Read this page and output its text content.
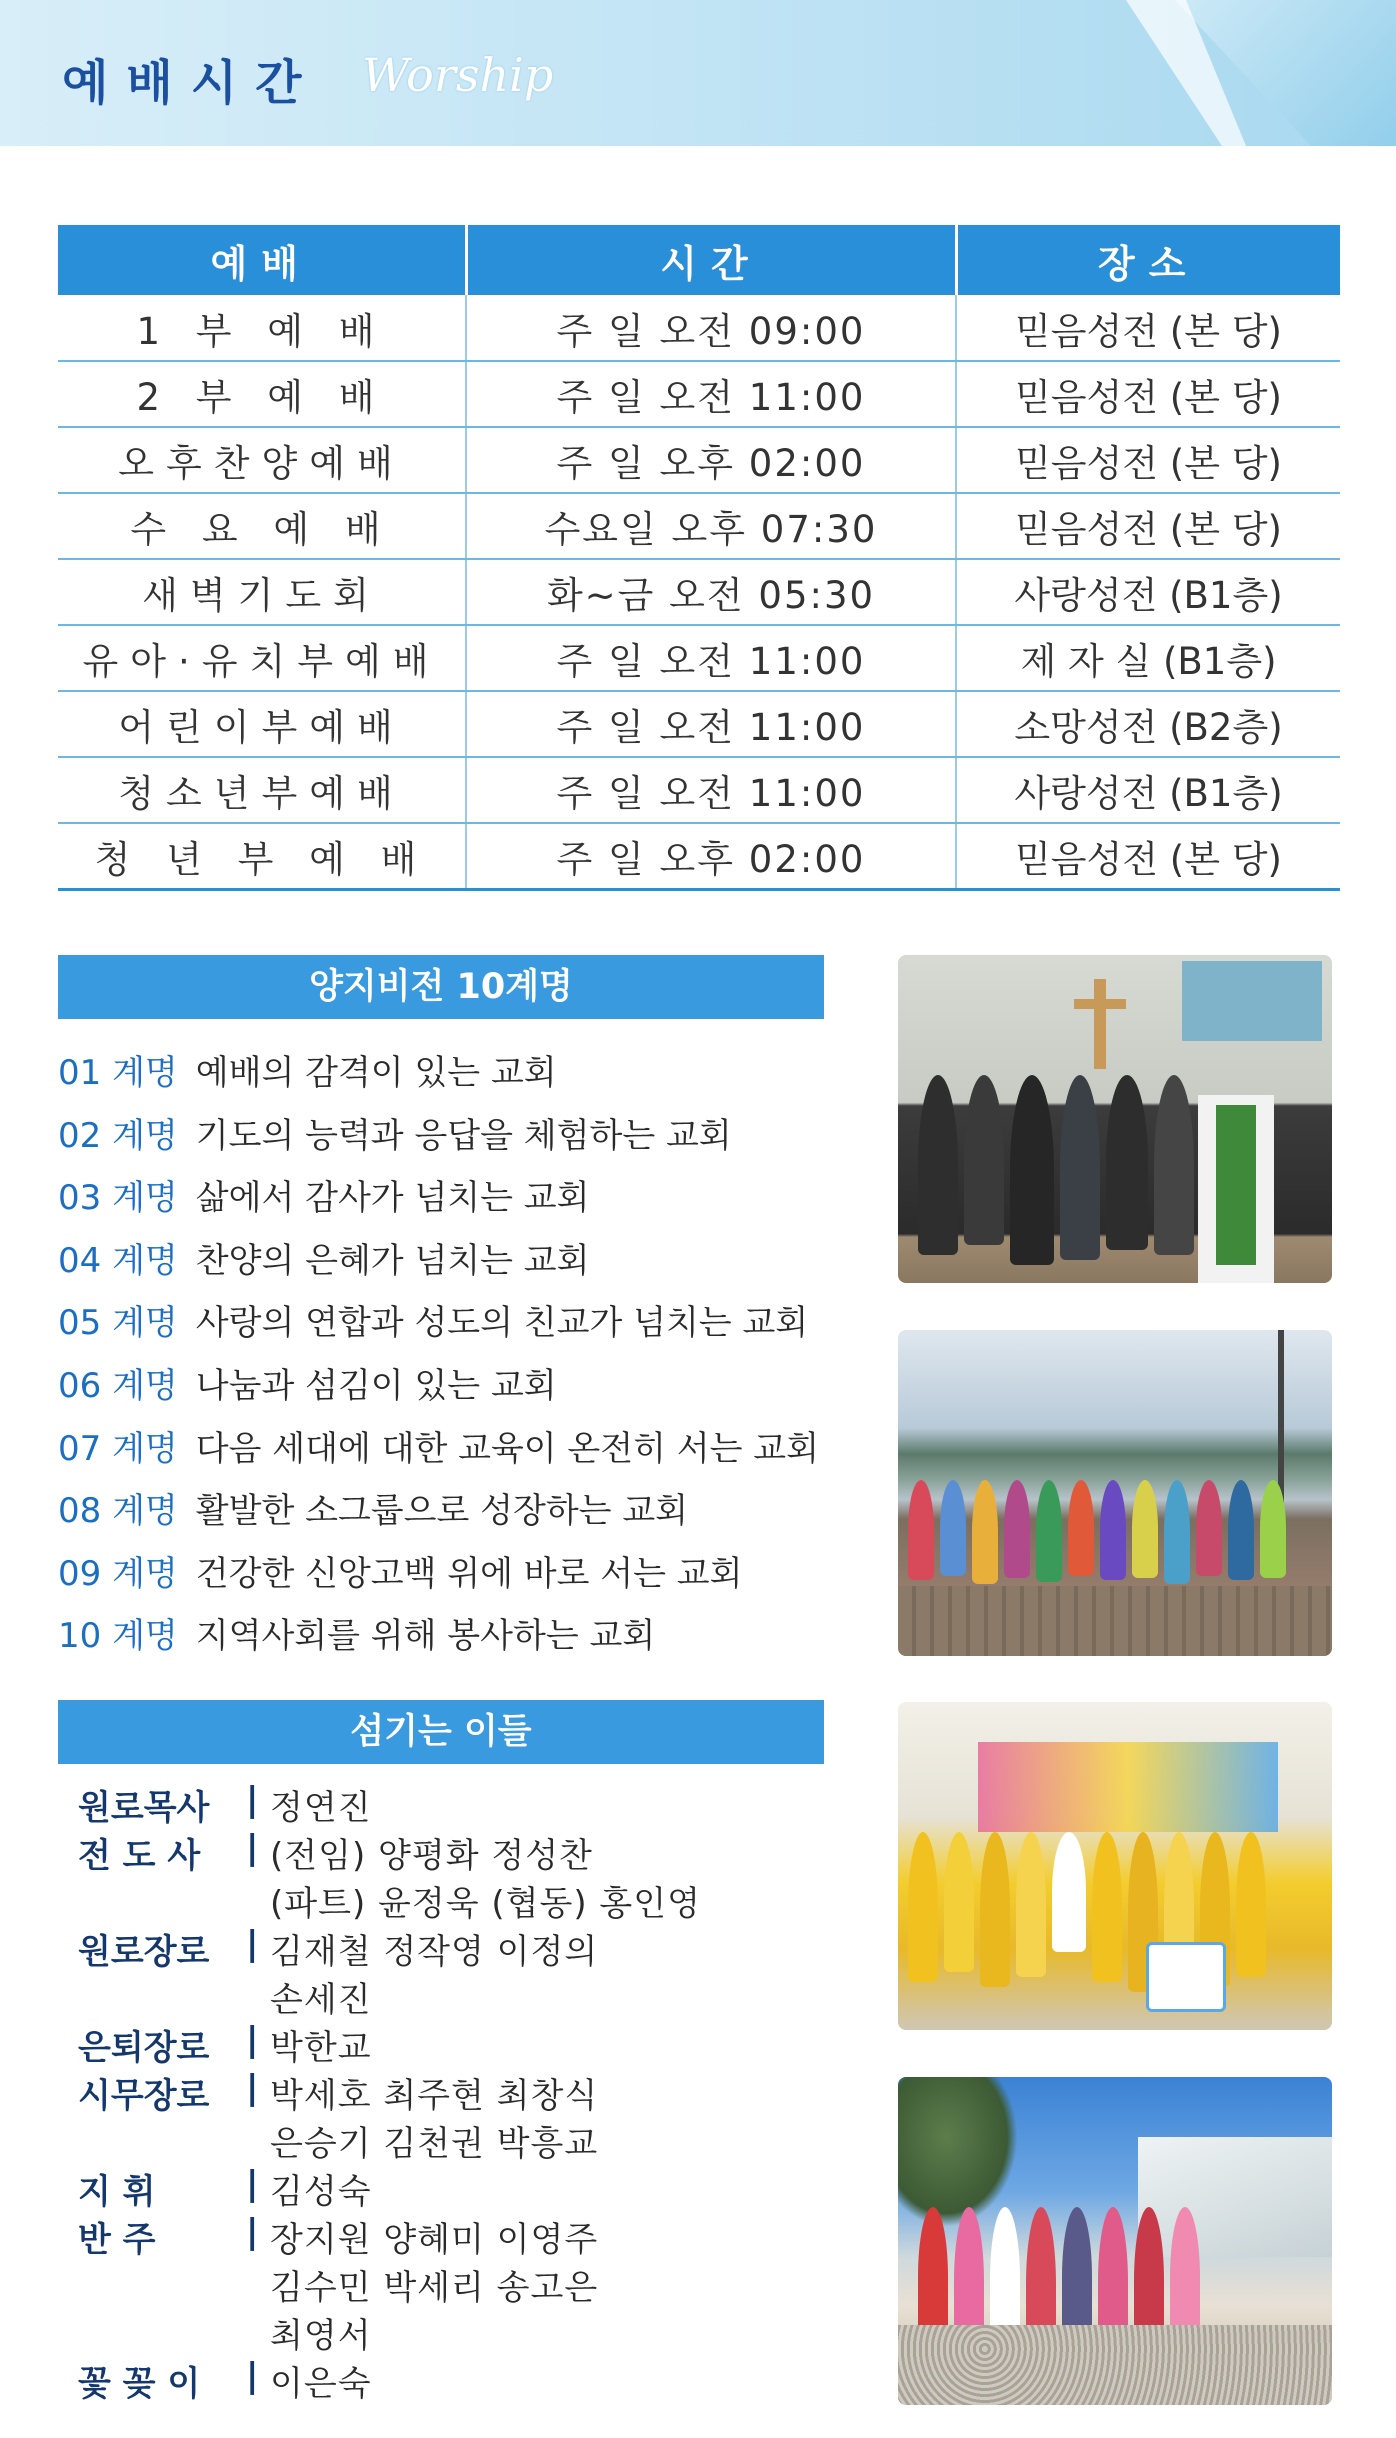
예배시간 Worship
예배	시간	장소
1 부 예 배	주 일 오전 09:00	믿음성전 (본 당)
2 부 예 배	주 일 오전 11:00	믿음성전 (본 당)
오후찬양예배	주 일 오후 02:00	믿음성전 (본 당)
수 요 예 배	수요일 오후 07:30	믿음성전 (본 당)
새벽기도회	화~금 오전 05:30	사랑성전 (B1층)
유아·유치부예배	주 일 오전 11:00	제 자 실 (B1층)
어린이부예배	주 일 오전 11:00	소망성전 (B2층)
청소년부예배	주 일 오전 11:00	사랑성전 (B1층)
청 년 부 예 배	주 일 오후 02:00	믿음성전 (본 당)
양지비전 10계명
01 계명 예배의 감격이 있는 교회
02 계명 기도의 능력과 응답을 체험하는 교회
03 계명 삶에서 감사가 넘치는 교회
04 계명 찬양의 은혜가 넘치는 교회
05 계명 사랑의 연합과 성도의 친교가 넘치는 교회
06 계명 나눔과 섬김이 있는 교회
07 계명 다음 세대에 대한 교육이 온전히 서는 교회
08 계명 활발한 소그룹으로 성장하는 교회
09 계명 건강한 신앙고백 위에 바로 서는 교회
10 계명 지역사회를 위해 봉사하는 교회
섬기는 이들
원로목사	| 정연진
전 도 사	| (전임) 양평화 정성찬
(파트) 윤정욱 (협동) 홍인영
원로장로	| 김재철 정작영 이정의
손세진
은퇴장로	| 박한교
시무장로	| 박세호 최주현 최창식
은승기 김천권 박흥교
지 휘	| 김성숙
반 주	| 장지원 양혜미 이영주
김수민 박세리 송고은
최영서
꽃 꽂 이	| 이은숙
